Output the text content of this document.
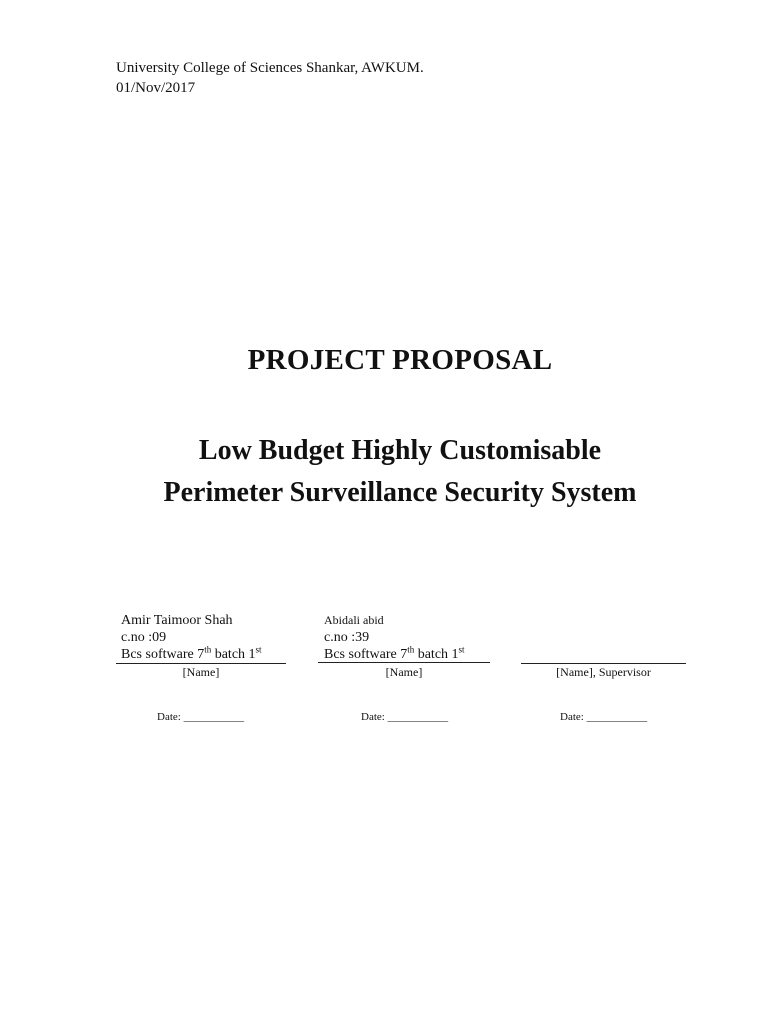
University College of Sciences Shankar, AWKUM.
01/Nov/2017
PROJECT PROPOSAL
Low Budget Highly Customisable
Perimeter Surveillance Security System
Amir Taimoor Shah
c.no :09
Bcs software 7th batch 1st
[Name]
Date: ___________
Abidali abid
c.no :39
Bcs software 7th batch 1st
[Name]
Date: ___________
[Name], Supervisor
Date: ___________
